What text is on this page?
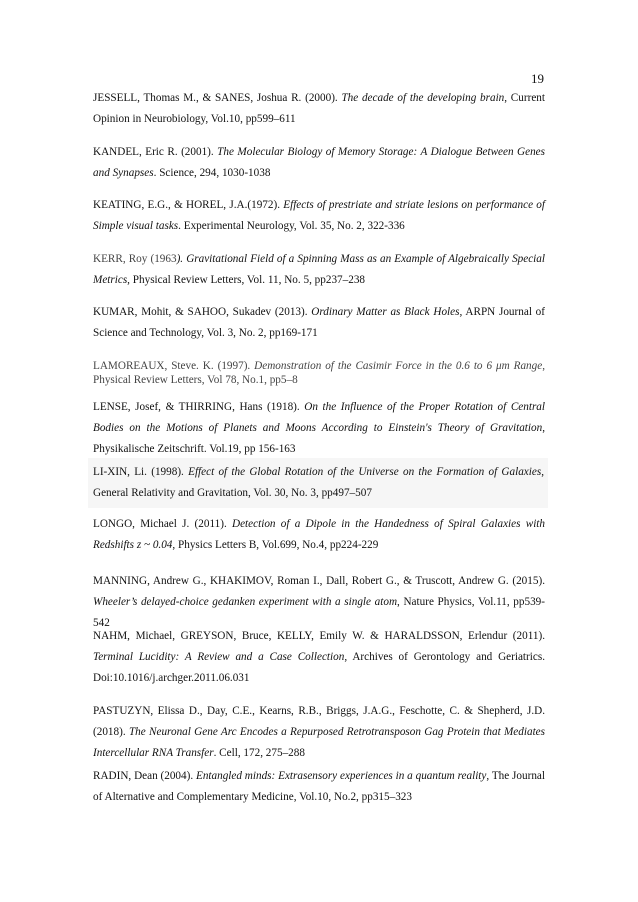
19
JESSELL, Thomas M., & SANES, Joshua R. (2000). The decade of the developing brain, Current Opinion in Neurobiology, Vol.10, pp599–611
KANDEL, Eric R. (2001). The Molecular Biology of Memory Storage: A Dialogue Between Genes and Synapses. Science, 294, 1030-1038
KEATING, E.G., & HOREL, J.A.(1972). Effects of prestriate and striate lesions on performance of Simple visual tasks. Experimental Neurology, Vol. 35, No. 2, 322-336
KERR, Roy (1963). Gravitational Field of a Spinning Mass as an Example of Algebraically Special Metrics, Physical Review Letters, Vol. 11, No. 5, pp237–238
KUMAR, Mohit, & SAHOO, Sukadev (2013). Ordinary Matter as Black Holes, ARPN Journal of Science and Technology, Vol. 3, No. 2, pp169-171
LAMOREAUX, Steve. K. (1997). Demonstration of the Casimir Force in the 0.6 to 6 μm Range, Physical Review Letters, Vol 78, No.1, pp5–8
LENSE, Josef, & THIRRING, Hans (1918). On the Influence of the Proper Rotation of Central Bodies on the Motions of Planets and Moons According to Einstein's Theory of Gravitation, Physikalische Zeitschrift. Vol.19, pp 156-163
LI-XIN, Li. (1998). Effect of the Global Rotation of the Universe on the Formation of Galaxies, General Relativity and Gravitation, Vol. 30, No. 3, pp497–507
LONGO, Michael J. (2011). Detection of a Dipole in the Handedness of Spiral Galaxies with Redshifts z ~ 0.04, Physics Letters B, Vol.699, No.4, pp224-229
MANNING, Andrew G., KHAKIMOV, Roman I., Dall, Robert G., & Truscott, Andrew G. (2015). Wheeler’s delayed-choice gedanken experiment with a single atom, Nature Physics, Vol.11, pp539-542
NAHM, Michael, GREYSON, Bruce, KELLY, Emily W. & HARALDSSON, Erlendur (2011). Terminal Lucidity: A Review and a Case Collection, Archives of Gerontology and Geriatrics. Doi:10.1016/j.archger.2011.06.031
PASTUZYN, Elissa D., Day, C.E., Kearns, R.B., Briggs, J.A.G., Feschotte, C. & Shepherd, J.D.(2018). The Neuronal Gene Arc Encodes a Repurposed Retrotransposon Gag Protein that Mediates Intercellular RNA Transfer. Cell, 172, 275–288
RADIN, Dean (2004). Entangled minds: Extrasensory experiences in a quantum reality, The Journal of Alternative and Complementary Medicine, Vol.10, No.2, pp315–323
